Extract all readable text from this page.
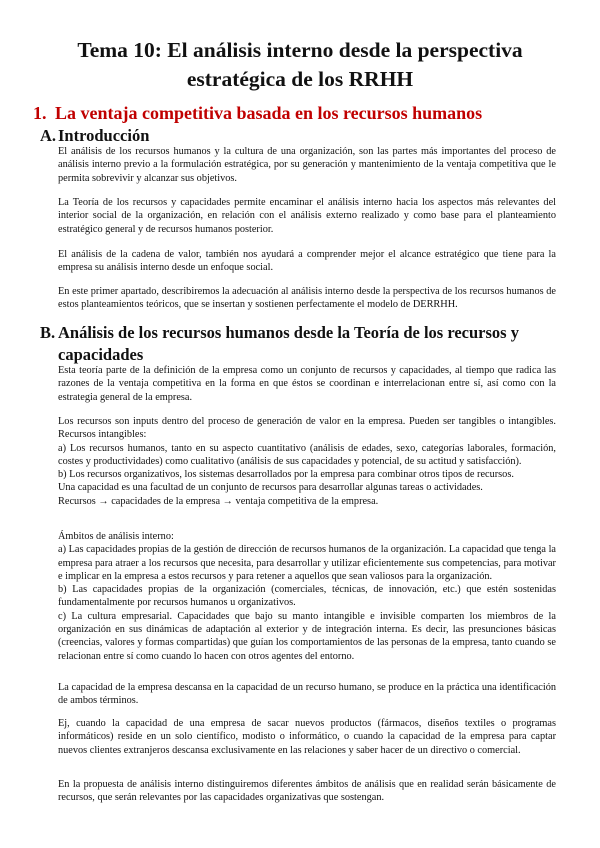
Tema 10: El análisis interno desde la perspectiva
estratégica de los RRHH
1. La ventaja competitiva basada en los recursos humanos
A. Introducción

El análisis de los recursos humanos y la cultura de una organización, son las partes más importantes del proceso de análisis interno previo a la formulación estratégica, por su generación y mantenimiento de la ventaja competitiva que le permita sobrevivir y alcanzar sus objetivos.

La Teoría de los recursos y capacidades permite encaminar el análisis interno hacia los aspectos más relevantes del interior social de la organización, en relación con el análisis externo realizado y como base para el planteamiento estratégico general y de recursos humanos posterior.

El análisis de la cadena de valor, también nos ayudará a comprender mejor el alcance estratégico que tiene para la empresa su análisis interno desde un enfoque social.

En este primer apartado, describiremos la adecuación al análisis interno desde la perspectiva de los recursos humanos de estos planteamientos teóricos, que se insertan y sostienen perfectamente el modelo de DERRHH.

B. Análisis de los recursos humanos desde la Teoría de los recursos y
capacidades

Esta teoría parte de la definición de la empresa como un conjunto de recursos y capacidades, al tiempo que radica las razones de la ventaja competitiva en la forma en que éstos se coordinan e interrelacionan entre sí, así como con la estrategia general de la empresa.

Los recursos son inputs dentro del proceso de generación de valor en la empresa. Pueden ser tangibles o intangibles. Recursos intangibles:
a) Los recursos humanos, tanto en su aspecto cuantitativo (análisis de edades, sexo, categorías laborales, formación, costes y productividades) como cualitativo (análisis de sus capacidades y potencial, de su actitud y satisfacción).
b) Los recursos organizativos, los sistemas desarrollados por la empresa para combinar otros tipos de recursos.
Una capacidad es una facultad de un conjunto de recursos para desarrollar algunas tareas o actividades.
Recursos → capacidades de la empresa → ventaja competitiva de la empresa.
Ámbitos de análisis interno:
a) Las capacidades propias de la gestión de dirección de recursos humanos de la organización. La capacidad que tenga la empresa para atraer a los recursos que necesita, para desarrollar y utilizar eficientemente sus competencias, para motivar e implicar en la empresa a estos recursos y para retener a aquellos que sean valiosos para la organización.
b) Las capacidades propias de la organización (comerciales, técnicas, de innovación, etc.) que estén sostenidas fundamentalmente por recursos humanos u organizativos.
c) La cultura empresarial. Capacidades que bajo su manto intangible e invisible comparten los miembros de la organización en sus dinámicas de adaptación al exterior y de integración interna. Es decir, las presunciones básicas (creencias, valores y formas compartidas) que guían los comportamientos de las personas de la empresa, tanto cuando se relacionan entre sí como cuando lo hacen con otros agentes del entorno.

La capacidad de la empresa descansa en la capacidad de un recurso humano, se produce en la práctica una identificación de ambos términos.

Ej, cuando la capacidad de una empresa de sacar nuevos productos (fármacos, diseños textiles o programas informáticos) reside en un solo científico, modisto o informático, o cuando la capacidad de la empresa para captar nuevos clientes extranjeros descansa exclusivamente en las relaciones y saber hacer de un directivo o comercial.

En la propuesta de análisis interno distinguiremos diferentes ámbitos de análisis que en realidad serán básicamente de recursos, que serán relevantes por las capacidades organizativas que sostengan.
